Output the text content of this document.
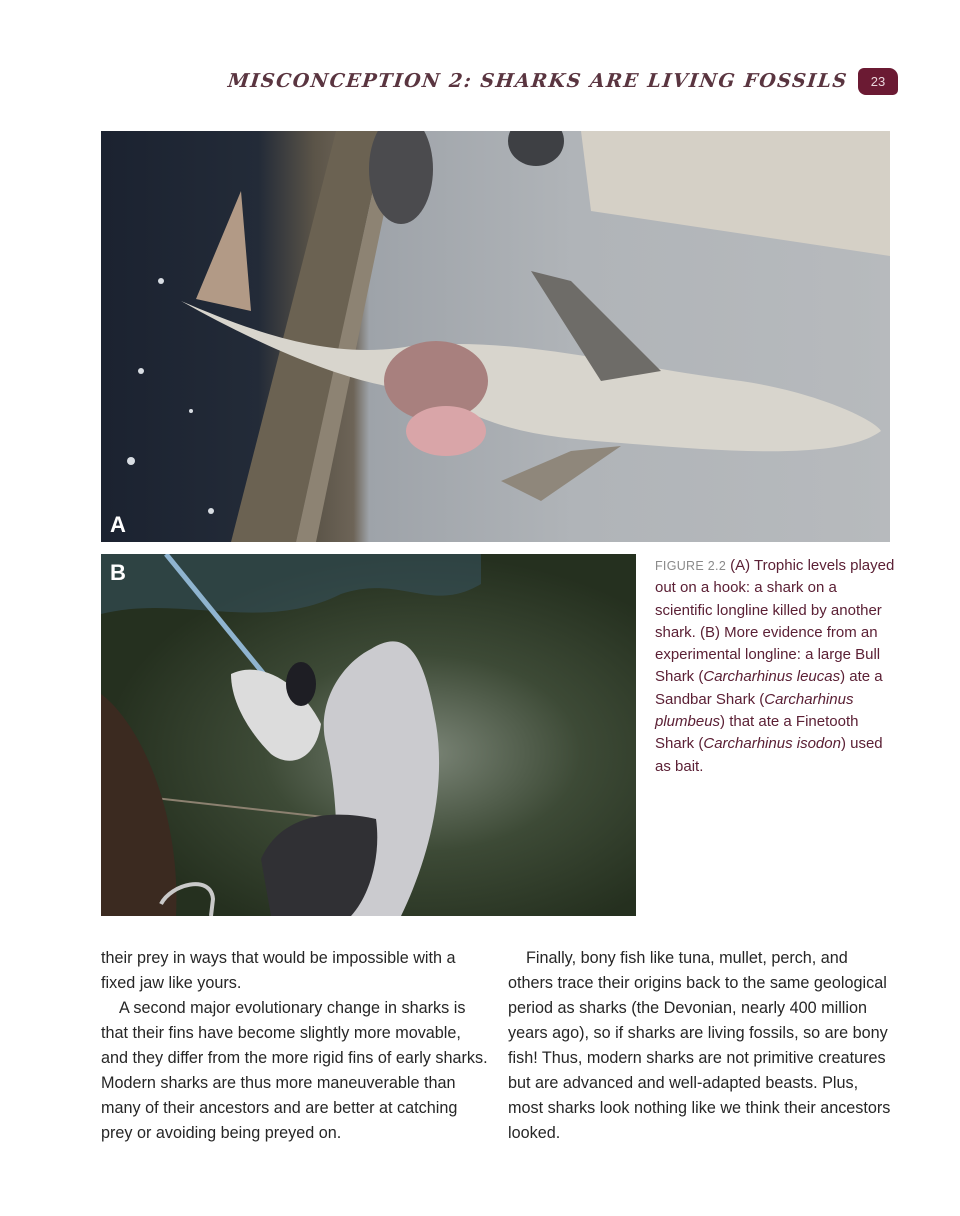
MISCONCEPTION 2: SHARKS ARE LIVING FOSSILS 23
A
B	FIGURE 2.2 (A) Trophic levels played out on a hook: a shark on a scientific longline killed by another shark. (B) More evidence from an experimental longline: a large Bull Shark (Carcharhinus leucas) ate a Sandbar Shark (Carcharhinus plumbeus) that ate a Finetooth Shark (Carcharhinus isodon) used as bait.

their prey in ways that would be impossible with a fixed jaw like yours.

A second major evolutionary change in sharks is that their fins have become slightly more movable, and they differ from the more rigid fins of early sharks. Modern sharks are thus more maneuverable than many of their ancestors and are better at catching prey or avoiding being preyed on.

Finally, bony fish like tuna, mullet, perch, and others trace their origins back to the same geological period as sharks (the Devonian, nearly 400 million years ago), so if sharks are living fossils, so are bony fish! Thus, modern sharks are not primitive creatures but are advanced and well-adapted beasts. Plus, most sharks look nothing like we think their ancestors looked.
